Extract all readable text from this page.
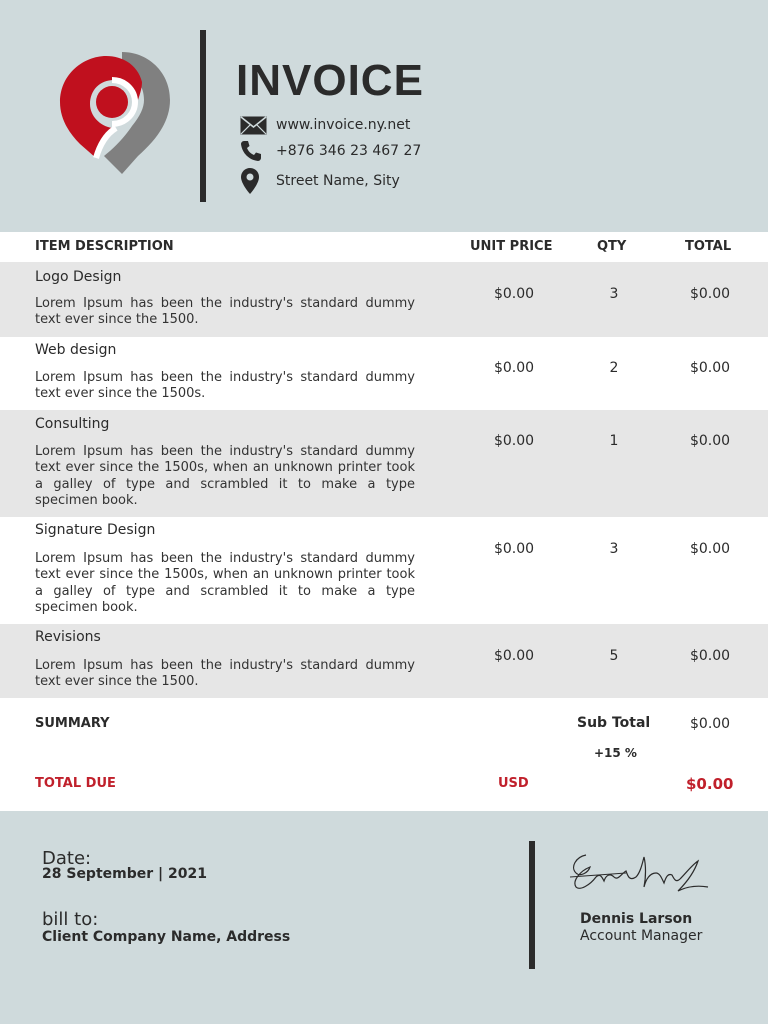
INVOICE
www.invoice.ny.net
+876 346 23 467 27
Street Name, Sity
ITEM DESCRIPTION	UNIT PRICE	QTY	TOTAL
Logo Design
Lorem Ipsum has been the industry's standard dummy text ever since the 1500.
$0.00	3	$0.00
Web design
Lorem Ipsum has been the industry's standard dummy text ever since the 1500s.
$0.00	2	$0.00
Consulting
Lorem Ipsum has been the industry's standard dummy text ever since the 1500s, when an unknown printer took a galley of type and scrambled it to make a type specimen book.
$0.00	1	$0.00
Signature Design
Lorem Ipsum has been the industry's standard dummy text ever since the 1500s, when an unknown printer took a galley of type and scrambled it to make a type specimen book.
$0.00	3	$0.00
Revisions
Lorem Ipsum has been the industry's standard dummy text ever since the 1500.
$0.00	5	$0.00
SUMMARY	Sub Total	$0.00
+15 %
TOTAL DUE	USD	$0.00
Date:
28 September | 2021
bill to:
Client Company Name, Address
Dennis Larson
Account Manager
